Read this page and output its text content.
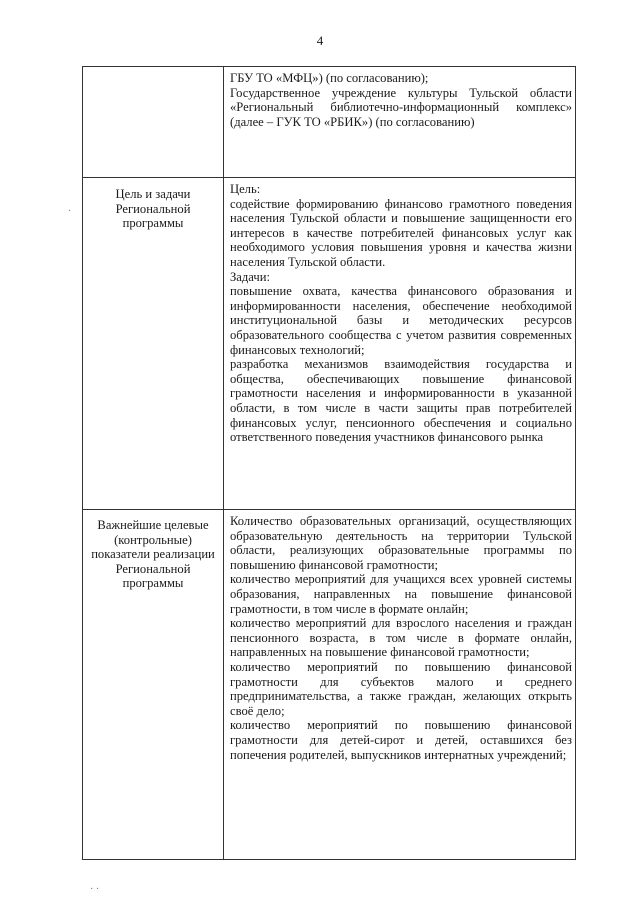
4

	ГБУ ТО «МФЦ») (по согласованию);

Государственное учреждение культуры Тульской области «Региональный библиотечно-информационный комплекс» (далее – ГУК ТО «РБИК») (по согласованию)

Цель и задачи Региональной программы	Цель:

содействие формированию финансово грамотного поведения населения Тульской области и повышение защищенности его интересов в качестве потребителей финансовых услуг как необходимого условия повышения уровня и качества жизни населения Тульской области.

Задачи:

повышение охвата, качества финансового образования и информированности населения, обеспечение необходимой институциональной базы и методических ресурсов образовательного сообщества с учетом развития современных финансовых технологий;

разработка механизмов взаимодействия государства и общества, обеспечивающих повышение финансовой грамотности населения и информированности в указанной области, в том числе в части защиты прав потребителей финансовых услуг, пенсионного обеспечения и социально ответственного поведения участников финансового рынка

Важнейшие целевые (контрольные) показатели реализации Региональной программы	Количество образовательных организаций, осуществляющих образовательную деятельность на территории Тульской области, реализующих образовательные программы по повышению финансовой грамотности;

количество мероприятий для учащихся всех уровней системы образования, направленных на повышение финансовой грамотности, в том числе в формате онлайн;

количество мероприятий для взрослого населения и граждан пенсионного возраста, в том числе в формате онлайн, направленных на повышение финансовой грамотности;

количество мероприятий по повышению финансовой грамотности для субъектов малого и среднего предпринимательства, а также граждан, желающих открыть своё дело;

количество мероприятий по повышению финансовой грамотности для детей-сирот и детей, оставшихся без попечения родителей, выпускников интернатных учреждений;

·
· ·
